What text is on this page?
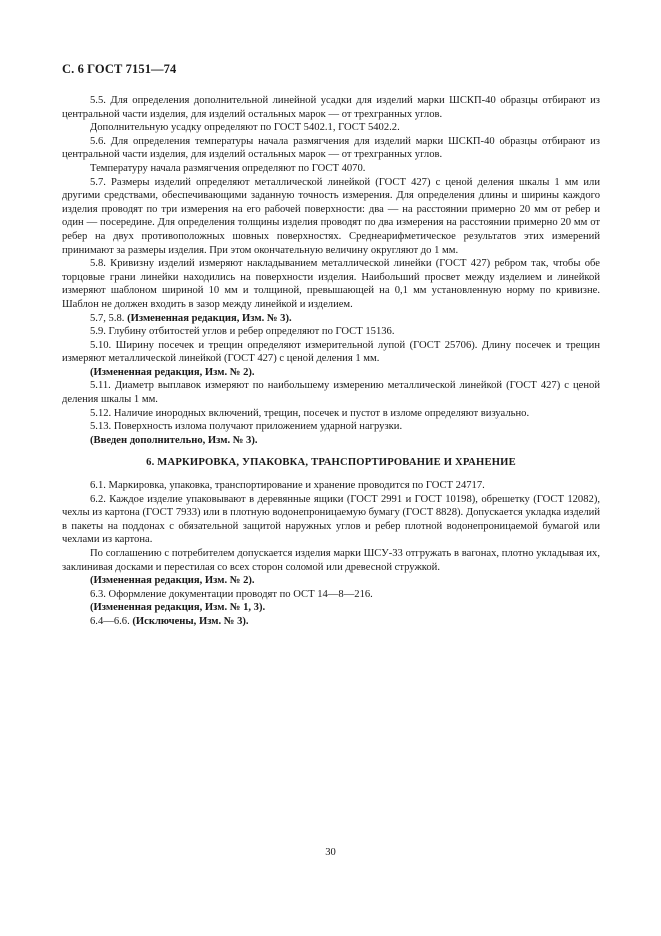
С. 6 ГОСТ 7151—74

5.5. Для определения дополнительной линейной усадки для изделий марки ШСКП-40 образцы отбирают из центральной части изделия, для изделий остальных марок — от трехгранных углов.

Дополнительную усадку определяют по ГОСТ 5402.1, ГОСТ 5402.2.

5.6. Для определения температуры начала размягчения для изделий марки ШСКП-40 образцы отбирают из центральной части изделия, для изделий остальных марок — от трехгранных углов.

Температуру начала размягчения определяют по ГОСТ 4070.

5.7. Размеры изделий определяют металлической линейкой (ГОСТ 427) с ценой деления шкалы 1 мм или другими средствами, обеспечивающими заданную точность измерения. Для определения длины и ширины каждого изделия проводят по три измерения на его рабочей поверхности: два — на расстоянии примерно 20 мм от ребер и один — посередине. Для определения толщины изделия проводят по два измерения на расстоянии примерно 20 мм от ребер на двух противоположных шовных поверхностях. Среднеарифметическое результатов этих измерений принимают за размеры изделия. При этом окончательную величину округляют до 1 мм.

5.8. Кривизну изделий измеряют накладыванием металлической линейки (ГОСТ 427) ребром так, чтобы обе торцовые грани линейки находились на поверхности изделия. Наибольший просвет между изделием и линейкой измеряют шаблоном шириной 10 мм и толщиной, превышающей на 0,1 мм установленную норму по кривизне. Шаблон не должен входить в зазор между линейкой и изделием.

5.7, 5.8. (Измененная редакция, Изм. № 3).

5.9. Глубину отбитостей углов и ребер определяют по ГОСТ 15136.

5.10. Ширину посечек и трещин определяют измерительной лупой (ГОСТ 25706). Длину посечек и трещин измеряют металлической линейкой (ГОСТ 427) с ценой деления 1 мм.

(Измененная редакция, Изм. № 2).

5.11. Диаметр выплавок измеряют по наибольшему измерению металлической линейкой (ГОСТ 427) с ценой деления шкалы 1 мм.

5.12. Наличие инородных включений, трещин, посечек и пустот в изломе определяют визуально.

5.13. Поверхность излома получают приложением ударной нагрузки.

(Введен дополнительно, Изм. № 3).

6. МАРКИРОВКА, УПАКОВКА, ТРАНСПОРТИРОВАНИЕ И ХРАНЕНИЕ

6.1. Маркировка, упаковка, транспортирование и хранение проводится по ГОСТ 24717.

6.2. Каждое изделие упаковывают в деревянные ящики (ГОСТ 2991 и ГОСТ 10198), обрешетку (ГОСТ 12082), чехлы из картона (ГОСТ 7933) или в плотную водонепроницаемую бумагу (ГОСТ 8828). Допускается укладка изделий в пакеты на поддонах с обязательной защитой наружных углов и ребер плотной водонепроницаемой бумагой или чехлами из картона.

По соглашению с потребителем допускается изделия марки ШСУ-33 отгружать в вагонах, плотно укладывая их, заклинивая досками и перестилая со всех сторон соломой или древесной стружкой.

(Измененная редакция, Изм. № 2).

6.3. Оформление документации проводят по ОСТ 14—8—216.

(Измененная редакция, Изм. № 1, 3).

6.4—6.6. (Исключены, Изм. № 3).

30
